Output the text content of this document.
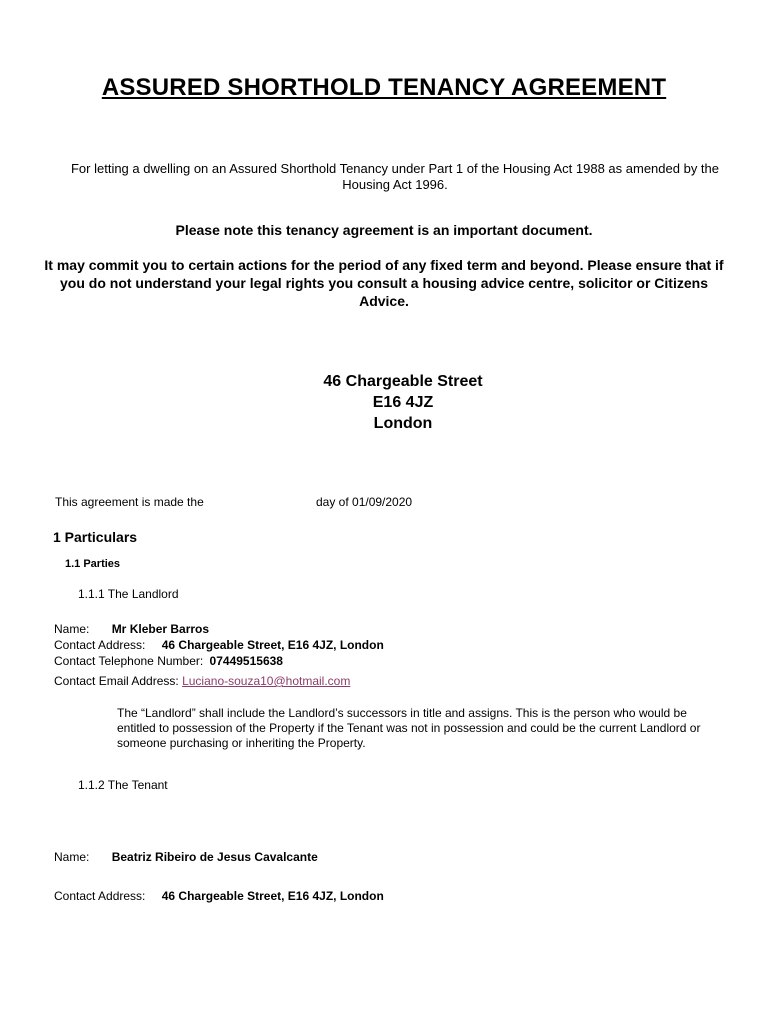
ASSURED SHORTHOLD TENANCY AGREEMENT
For letting a dwelling on an Assured Shorthold Tenancy under Part 1 of the Housing Act 1988 as amended by the Housing Act 1996.
Please note this tenancy agreement is an important document.
It may commit you to certain actions for the period of any fixed term and beyond. Please ensure that if you do not understand your legal rights you consult a housing advice centre, solicitor or Citizens Advice.
46 Chargeable Street
E16 4JZ
London
This agreement is made the	day of 01/09/2020
1 Particulars
1.1 Parties
1.1.1 The Landlord
Name: Mr Kleber Barros
Contact Address: 46 Chargeable Street, E16 4JZ, London
Contact Telephone Number: 07449515638
Contact Email Address: Luciano-souza10@hotmail.com
The “Landlord” shall include the Landlord’s successors in title and assigns. This is the person who would be entitled to possession of the Property if the Tenant was not in possession and could be the current Landlord or someone purchasing or inheriting the Property.
1.1.2 The Tenant
Name: Beatriz Ribeiro de Jesus Cavalcante
Contact Address: 46 Chargeable Street, E16 4JZ, London
